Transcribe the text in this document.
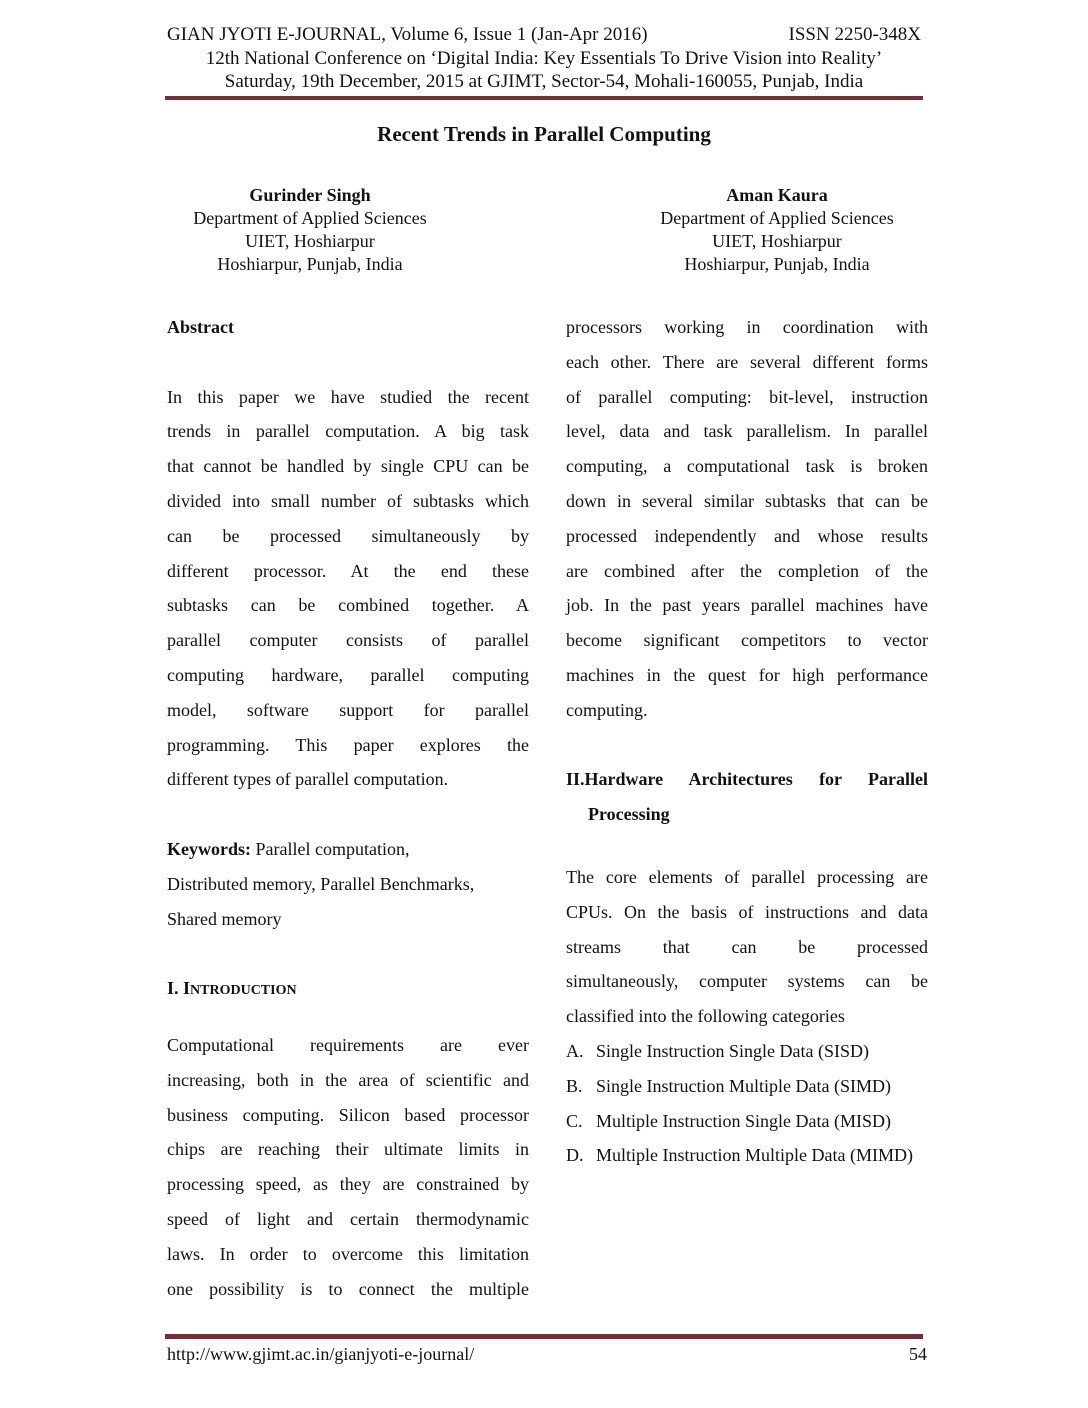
GIAN JYOTI E-JOURNAL, Volume 6, Issue 1 (Jan-Apr 2016)	ISSN 2250-348X
12th National Conference on ‘Digital India: Key Essentials To Drive Vision into Reality’
Saturday, 19th December, 2015 at GJIMT, Sector-54, Mohali-160055, Punjab, India
Recent Trends in Parallel Computing
Gurinder Singh
Department of Applied Sciences
UIET, Hoshiarpur
Hoshiarpur, Punjab, India
Aman Kaura
Department of Applied Sciences
UIET, Hoshiarpur
Hoshiarpur, Punjab, India

Abstract

In this paper we have studied the recent

trends in parallel computation. A big task

that cannot be handled by single CPU can be

divided into small number of subtasks which

can be processed simultaneously by

different processor. At the end these

subtasks can be combined together. A

parallel computer consists of parallel

computing hardware, parallel computing

model, software support for parallel

programming. This paper explores the

different types of parallel computation.

Keywords: Parallel computation,

Distributed memory, Parallel Benchmarks,

Shared memory

I. INTRODUCTION

Computational requirements are ever

increasing, both in the area of scientific and

business computing. Silicon based processor

chips are reaching their ultimate limits in

processing speed, as they are constrained by

speed of light and certain thermodynamic

laws. In order to overcome this limitation

one possibility is to connect the multiple

processors working in coordination with

each other. There are several different forms

of parallel computing: bit-level, instruction

level, data and task parallelism. In parallel

computing, a computational task is broken

down in several similar subtasks that can be

processed independently and whose results

are combined after the completion of the

job. In the past years parallel machines have

become significant competitors to vector

machines in the quest for high performance

computing.

II.Hardware Architectures for Parallel

Processing

The core elements of parallel processing are

CPUs. On the basis of instructions and data

streams that can be processed

simultaneously, computer systems can be

classified into the following categories

A. Single Instruction Single Data (SISD)
B. Single Instruction Multiple Data (SIMD)
C. Multiple Instruction Single Data (MISD)
D. Multiple Instruction Multiple Data (MIMD)
http://www.gjimt.ac.in/gianjyoti-e-journal/	54
